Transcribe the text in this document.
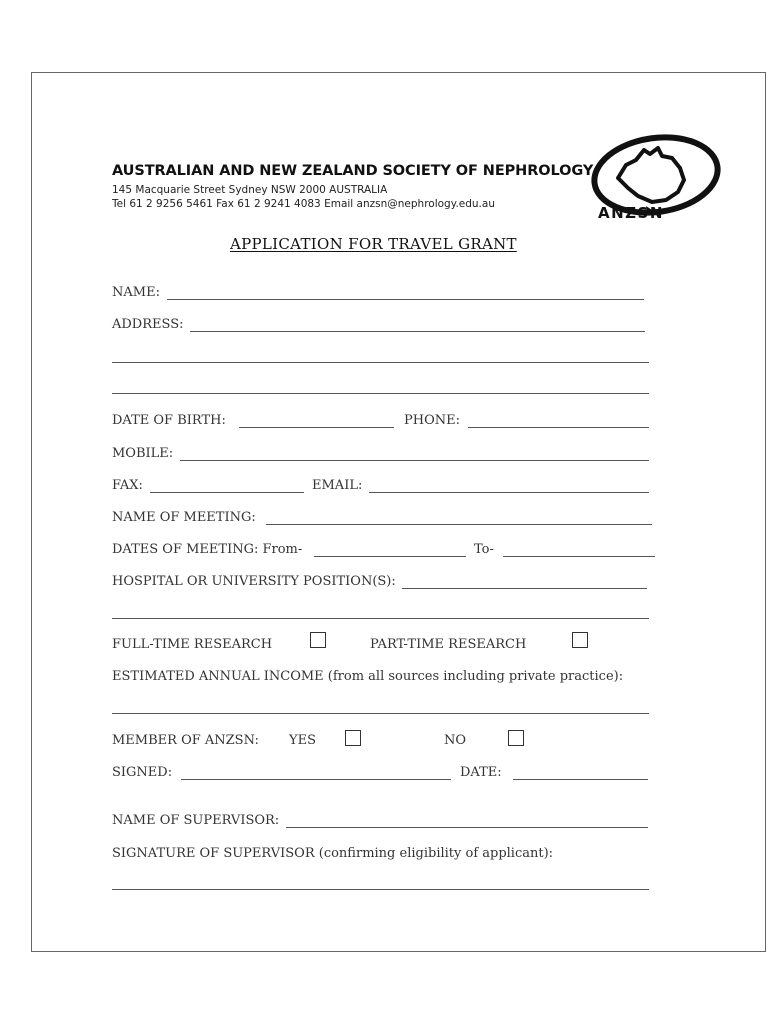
AUSTRALIAN AND NEW ZEALAND SOCIETY OF NEPHROLOGY
145 Macquarie Street Sydney NSW 2000 AUSTRALIA
Tel 61 2 9256 5461 Fax 61 2 9241 4083 Email anzsn@nephrology.edu.au	ANZSN
APPLICATION FOR TRAVEL GRANT
NAME:
ADDRESS:
DATE OF BIRTH:	PHONE:
MOBILE:
FAX:	EMAIL:
NAME OF MEETING:
DATES OF MEETING: From-	To-
HOSPITAL OR UNIVERSITY POSITION(S):
FULL-TIME RESEARCH	PART-TIME RESEARCH
ESTIMATED ANNUAL INCOME (from all sources including private practice):
MEMBER OF ANZSN: YES	NO
SIGNED:	DATE:
NAME OF SUPERVISOR:
SIGNATURE OF SUPERVISOR (confirming eligibility of applicant):
